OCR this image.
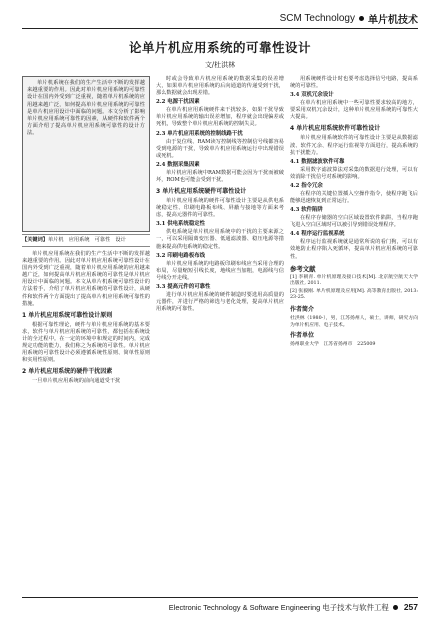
SCM Technology 单片机技术
论单片机应用系统的可靠性设计
文/杜洪林

单片机系统在我们的生产生活中不断的发挥越来越重要的作用。因此对单片机应用系统的可靠性设计在国内外受到广泛重视，随着单片机系统的应用越来越广泛，如何提高单片机应用系统的可靠性是单片机应用设计中面临的问题。本文分析了影响单片机应用系统可靠性的因素，从硬件和软件两个方面介绍了提高单片机应用系统可靠性的设计方法。

【关键词】单片机　应用系统　可靠性　设计

单片机应用系统在我们的生产生活中不断的发挥越来越重要的作用。因此对单片机应用系统可靠性设计在国内外受到广泛重视，随着单片机应用系统的应用越来越广泛，如何提高单片机应用系统的可靠性是单片机应用设计中面临的问题。本文从单片机系统可靠性设计的方法着手，介绍了单片机应用系统的可靠性设计，从硬件和软件两个方面提出了提高单片机应用系统可靠性的措施。

1 单片机应用系统可靠性设计原则

根据可靠性理论，硬件与单片机应用系统的基本要求，软件与单片机应用系统的可靠性，都包括在系统设计的全过程中。在一定的环境中和规定的时间内，完成规定功能的能力，我们称之为系统的可靠性。单片机应用系统的可靠性设计必须遵循系统性原则、简单性原则和实用性原则。

2 单片机应用系统的硬件干扰因素

一旦单片机应用系统的前向通道受干扰

时或会导致单片机应用系统的数据采集的误差增大，如果单片机应用系统的后向通道的传递受到干扰，那么数据就会出现差错。

2.2 电源干扰因素

在单片机应用系统硬件来干扰较多，如果干扰导致单片机应用系统的输出误差增加，程序就会出现偏差或死机，导致整个单片机应用系统的控制失灵。

2.3 单片机应用系统的控制线路干扰

由于复位线、RAM读写控制线等控制信号线都容易受到电源的干扰，导致单片机应用系统运行中出现错误或死机。

2.4 数据采集因素

单片机应用系统中RAM数据可能会因为干扰而被破坏，ROM也可能会受到干扰。

3 单片机应用系统硬件可靠性设计

单片机应用系统的硬件可靠性设计主要是从供电系统稳定性、印刷电路板布线、屏蔽与接地等方面来考虑，提高元器件的可靠性。

3.1 供电系统稳定性

供电系统是单片机应用系统中的干扰的主要来源之一，可以采用隔离变压器、低通滤波器、稳压电源等措施来提高供电系统的稳定性。

3.2 印刷电路板布线

单片机应用系统的电路板印刷布线应当采用合理的布局，尽量缩短引线长度，地线应当加粗，电源线与信号线分开走线。

3.3 提高元件的可靠性

进行单片机应用系统的硬件制造时要选用高质量的元器件，并进行严格的筛选与老化处理，提高单片机应用系统的可靠性。

用系统硬件设计时也要考虑选择信号电路，提高系统的可靠性。

3.4 双机冗余设计

在单片机应用系统中一些可靠性要求较高的地方，要采用双机冗余设计，这种单片机应用系统的可靠性大大提高。

4 单片机应用系统软件可靠性设计

单片机应用系统软件的可靠性设计主要是从数据滤波、软件冗余、程序运行监视等方面进行，提高系统的抗干扰能力。

4.1 数据滤波软件可靠

采用数字滤波算法对采集的数据进行处理，可以有效消除干扰信号对系统的影响。

4.2 指令冗余

在程序的关键位置插入空操作指令，使程序跑飞后能够迅速恢复到正常运行。

4.3 软件陷阱

在程序存储器的空白区域设置软件陷阱，当程序跑飞进入空白区域时可以被引导到错误处理程序。

4.4 程序运行监视系统

程序运行监视系统就是通常所说的看门狗，可以有效地防止程序陷入死循环，提高单片机应用系统的可靠性。

参考文献

[1] 李朝青. 单片机原理及接口技术[M]. 北京航空航天大学出版社, 2011.

[2] 张毅刚. 单片机原理及应用[M]. 高等教育出版社, 2013: 23-25.

作者简介

杜洪林（1980-），男，江苏扬州人，硕士，讲师，研究方向为单片机应用、电子技术。

作者单位
扬州职业大学　江苏省扬州市　225009
Electronic Technology & Software Engineering 电子技术与软件工程 257
